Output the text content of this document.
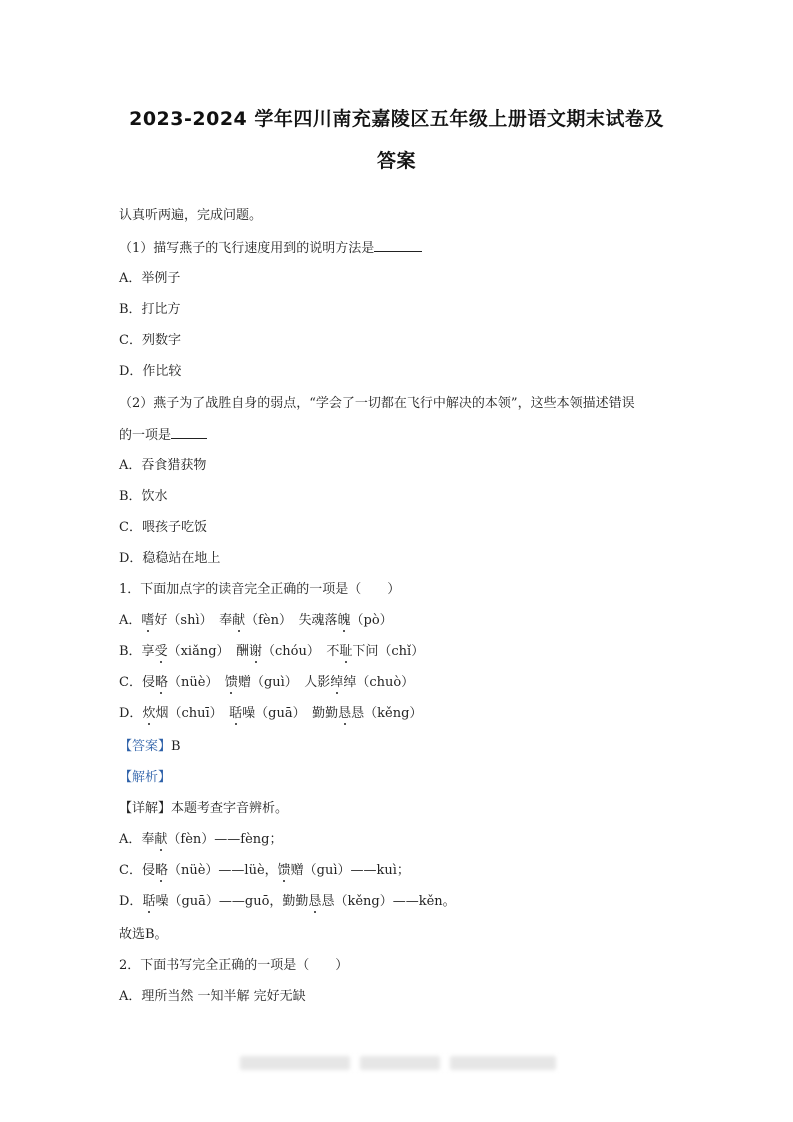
2023-2024 学年四川南充嘉陵区五年级上册语文期末试卷及
答案
认真听两遍，完成问题。
（1）描写燕子的飞行速度用到的说明方法是
A．举例子
B．打比方
C．列数字
D．作比较
（2）燕子为了战胜自身的弱点，“学会了一切都在飞行中解决的本领”，这些本领描述错误
的一项是
A．吞食猎获物
B．饮水
C．喂孩子吃饭
D．稳稳站在地上
1．下面加点字的读音完全正确的一项是（　　）
A．嗜好（shì）　奉献（fèn）　失魂落魄（pò）
B．享受（xiǎng）　酬谢（chóu）　不耻下问（chǐ）
C．侵略（nüè）　馈赠（guì）　人影绰绰（chuò）
D．炊烟（chuī）　聒噪（guā）　勤勤恳恳（kěng）
【答案】B
【解析】
【详解】本题考查字音辨析。
A．奉献（fèn）——fèng；
C．侵略（nüè）——lüè，馈赠（guì）——kuì；
D．聒噪（guā）——guō，勤勤恳恳（kěng）——kěn。
故选B。
2．下面书写完全正确的一项是（　　）
A．理所当然 一知半解 完好无缺
